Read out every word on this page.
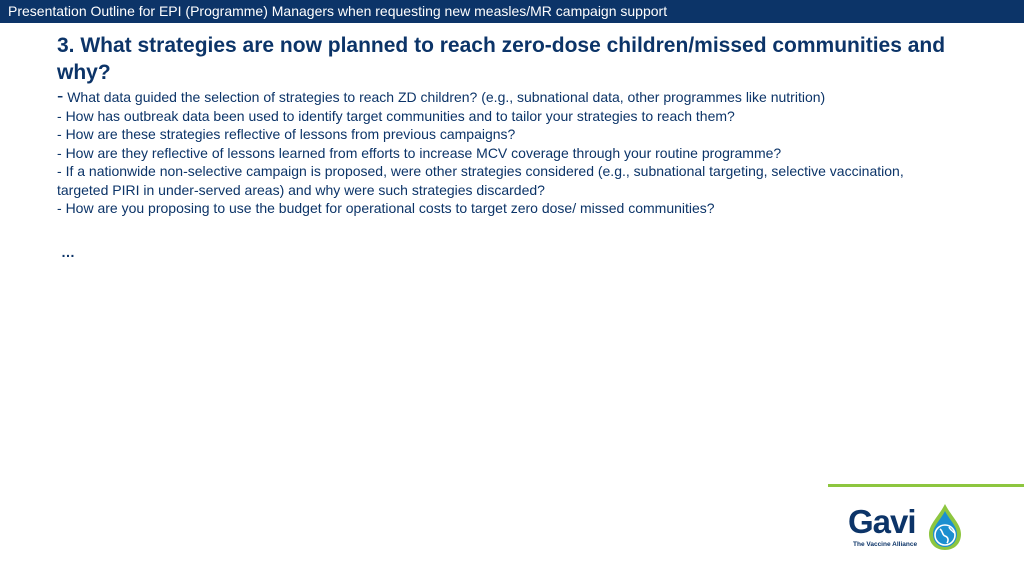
Presentation Outline for EPI (Programme) Managers when requesting new measles/MR campaign support
3. What strategies are now planned to reach zero-dose children/missed communities and why?
- What data guided the selection of strategies to reach ZD children? (e.g., subnational data, other programmes like nutrition)
- How has outbreak data been used to identify target communities and to tailor your strategies to reach them?
- How are these strategies reflective of lessons from previous campaigns?
- How are they reflective of lessons learned from efforts to increase MCV coverage through your routine programme?
- If a nationwide non-selective campaign is proposed, were other strategies considered (e.g., subnational targeting, selective vaccination, targeted PIRI in under-served areas) and why were such strategies discarded?
- How are you proposing to use the budget for operational costs to target zero dose/ missed communities?
…
Gavi
The Vaccine Alliance
